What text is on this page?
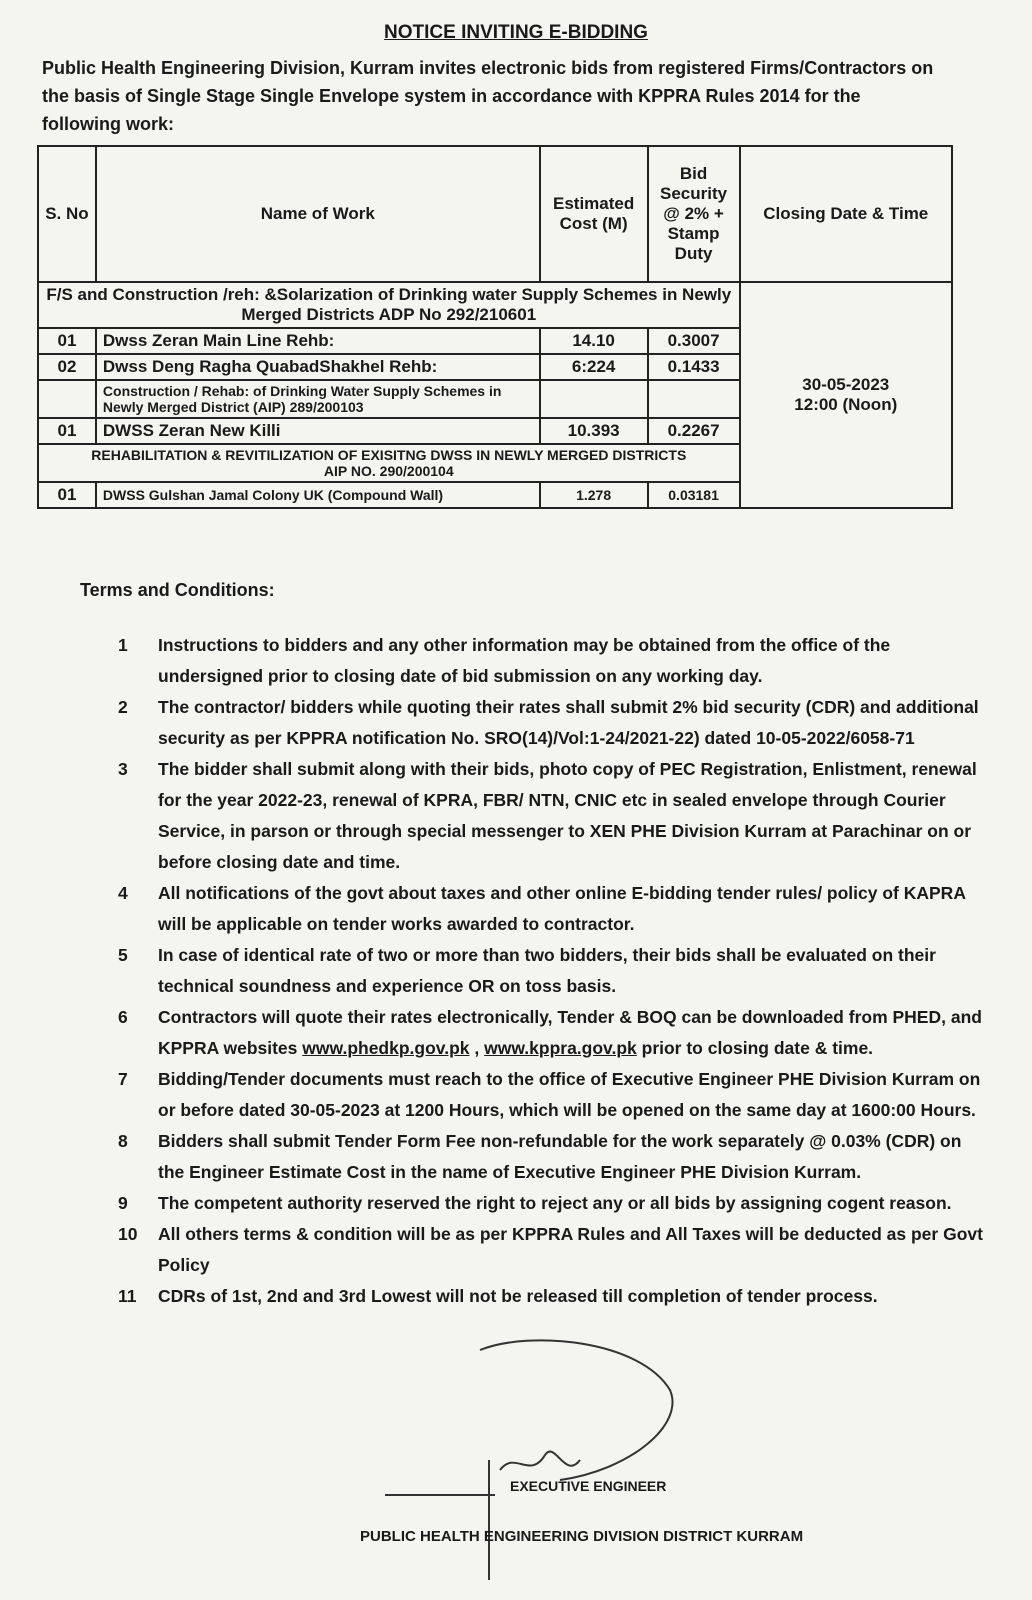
NOTICE INVITING E-BIDDING
Public Health Engineering Division, Kurram invites electronic bids from registered Firms/Contractors on the basis of Single Stage Single Envelope system in accordance with KPPRA Rules 2014 for the following work:
S. No	Name of Work	Estimated Cost (M)	Bid Security @ 2% + Stamp Duty	Closing Date & Time
F/S and Construction /reh: &Solarization of Drinking water Supply Schemes in Newly Merged Districts ADP No 292/210601				30-05-2023
12:00 (Noon)

01	Dwss Zeran Main Line Rehb:	14.10	0.3007	
02	Dwss Deng Ragha QuabadShakhel Rehb:	6:224	0.1433	
	Construction / Rehab: of Drinking Water Supply Schemes in Newly Merged District (AIP) 289/200103			
01	DWSS Zeran New Killi	10.393	0.2267	

REHABILITATION & REVITILIZATION OF EXISITNG DWSS IN NEWLY MERGED DISTRICTS
AIP NO. 290/200104				

01	DWSS Gulshan Jamal Colony UK (Compound Wall)	1.278	0.03181	
Terms and Conditions:
1	Instructions to bidders and any other information may be obtained from the office of the undersigned prior to closing date of bid submission on any working day.
2	The contractor/ bidders while quoting their rates shall submit 2% bid security (CDR) and additional security as per KPPRA notification No. SRO(14)/Vol:1-24/2021-22) dated 10-05-2022/6058-71
3	The bidder shall submit along with their bids, photo copy of PEC Registration, Enlistment, renewal for the year 2022-23, renewal of KPRA, FBR/ NTN, CNIC etc in sealed envelope through Courier Service, in parson or through special messenger to XEN PHE Division Kurram at Parachinar on or before closing date and time.
4	All notifications of the govt about taxes and other online E-bidding tender rules/ policy of KAPRA will be applicable on tender works awarded to contractor.
5	In case of identical rate of two or more than two bidders, their bids shall be evaluated on their technical soundness and experience OR on toss basis.
6	Contractors will quote their rates electronically, Tender & BOQ can be downloaded from PHED, and KPPRA websites www.phedkp.gov.pk , www.kppra.gov.pk prior to closing date & time.
7	Bidding/Tender documents must reach to the office of Executive Engineer PHE Division Kurram on or before dated 30-05-2023 at 1200 Hours, which will be opened on the same day at 1600:00 Hours.
8	Bidders shall submit Tender Form Fee non-refundable for the work separately @ 0.03% (CDR) on the Engineer Estimate Cost in the name of Executive Engineer PHE Division Kurram.
9	The competent authority reserved the right to reject any or all bids by assigning cogent reason.
10	All others terms & condition will be as per KPPRA Rules and All Taxes will be deducted as per Govt Policy
11	CDRs of 1st, 2nd and 3rd Lowest will not be released till completion of tender process.
EXECUTIVE ENGINEER
PUBLIC HEALTH ENGINEERING DIVISION DISTRICT KURRAM
